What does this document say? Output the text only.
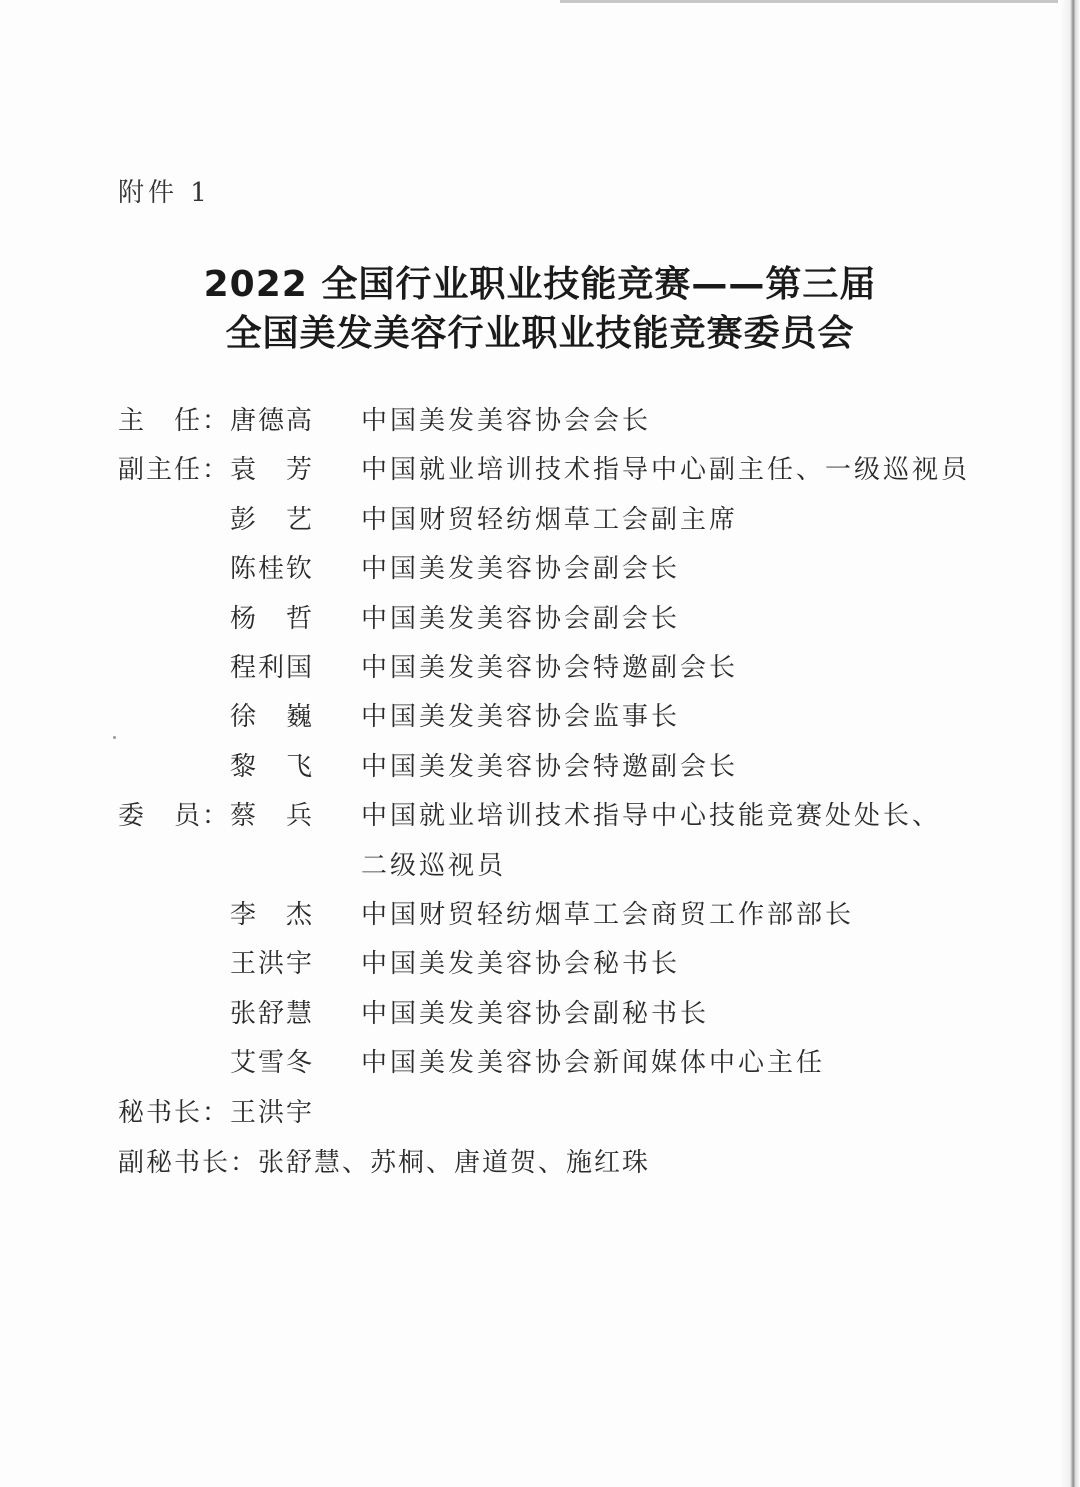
附件 1
2022 全国行业职业技能竞赛——第三届
全国美发美容行业职业技能竞赛委员会
主　任： 唐德高 中国美发美容协会会长
副主任： 袁　芳 中国就业培训技术指导中心副主任、一级巡视员
彭　艺 中国财贸轻纺烟草工会副主席
陈桂钦 中国美发美容协会副会长
杨　哲 中国美发美容协会副会长
程利国 中国美发美容协会特邀副会长
徐　巍 中国美发美容协会监事长
黎　飞 中国美发美容协会特邀副会长
委　员： 蔡　兵 中国就业培训技术指导中心技能竞赛处处长、
二级巡视员
李　杰 中国财贸轻纺烟草工会商贸工作部部长
王洪宇 中国美发美容协会秘书长
张舒慧 中国美发美容协会副秘书长
艾雪冬 中国美发美容协会新闻媒体中心主任
秘书长：王洪宇
副秘书长：张舒慧、苏桐、唐道贺、施红珠
